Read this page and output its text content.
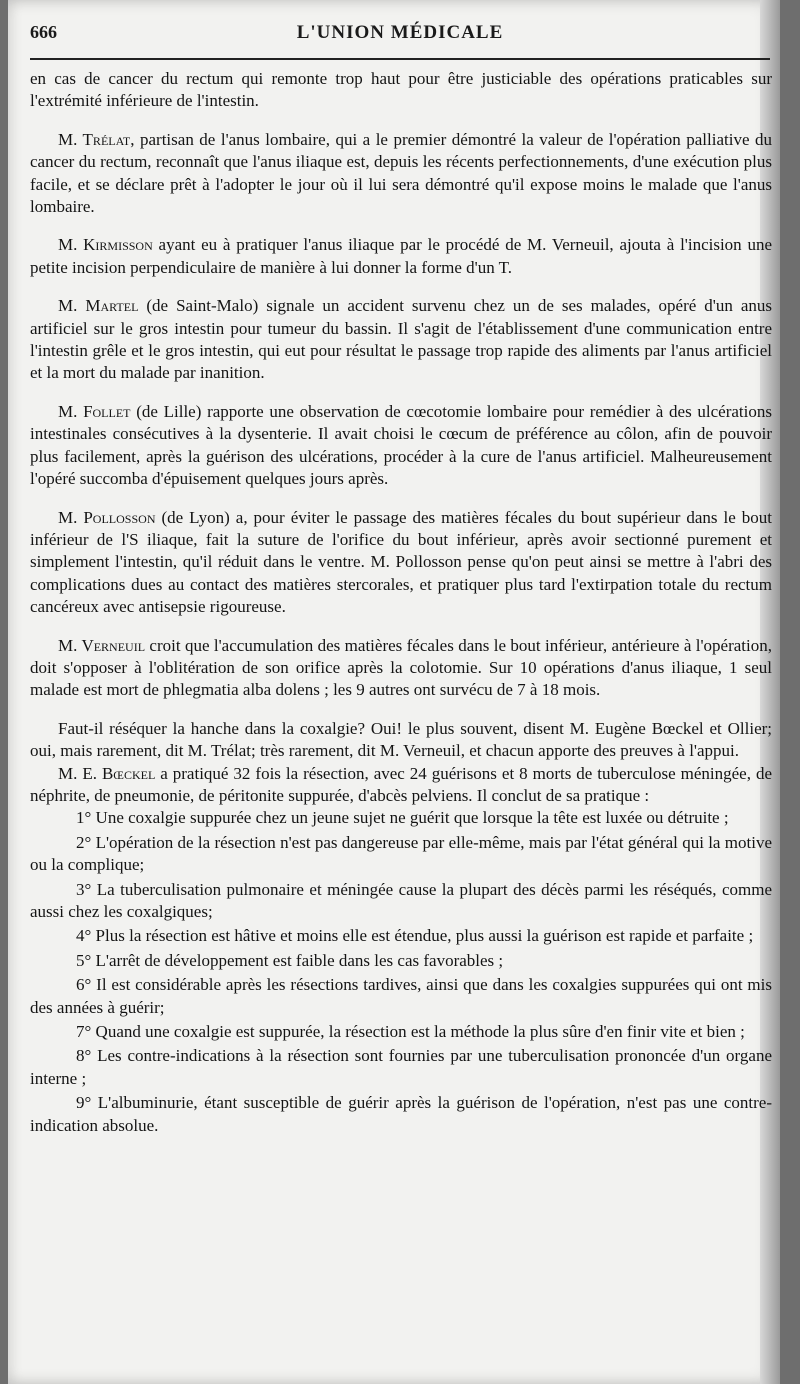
666	L'UNION MÉDICALE

en cas de cancer du rectum qui remonte trop haut pour être justiciable des opérations praticables sur l'extrémité inférieure de l'intestin.

M. Trélat, partisan de l'anus lombaire, qui a le premier démontré la valeur de l'opération palliative du cancer du rectum, reconnaît que l'anus iliaque est, depuis les récents perfectionnements, d'une exécution plus facile, et se déclare prêt à l'adopter le jour où il lui sera démontré qu'il expose moins le malade que l'anus lombaire.

M. Kirmisson ayant eu à pratiquer l'anus iliaque par le procédé de M. Verneuil, ajouta à l'incision une petite incision perpendiculaire de manière à lui donner la forme d'un T.

M. Martel (de Saint-Malo) signale un accident survenu chez un de ses malades, opéré d'un anus artificiel sur le gros intestin pour tumeur du bassin. Il s'agit de l'établissement d'une communication entre l'intestin grêle et le gros intestin, qui eut pour résultat le passage trop rapide des aliments par l'anus artificiel et la mort du malade par inanition.

M. Follet (de Lille) rapporte une observation de cœcotomie lombaire pour remédier à des ulcérations intestinales consécutives à la dysenterie. Il avait choisi le cœcum de préférence au côlon, afin de pouvoir plus facilement, après la guérison des ulcérations, procéder à la cure de l'anus artificiel. Malheureusement l'opéré succomba d'épuisement quelques jours après.

M. Pollosson (de Lyon) a, pour éviter le passage des matières fécales du bout supérieur dans le bout inférieur de l'S iliaque, fait la suture de l'orifice du bout inférieur, après avoir sectionné purement et simplement l'intestin, qu'il réduit dans le ventre. M. Pollosson pense qu'on peut ainsi se mettre à l'abri des complications dues au contact des matières stercorales, et pratiquer plus tard l'extirpation totale du rectum cancéreux avec antisepsie rigoureuse.

M. Verneuil croit que l'accumulation des matières fécales dans le bout inférieur, antérieure à l'opération, doit s'opposer à l'oblitération de son orifice après la colotomie. Sur 10 opérations d'anus iliaque, 1 seul malade est mort de phlegmatia alba dolens ; les 9 autres ont survécu de 7 à 18 mois.

Faut-il réséquer la hanche dans la coxalgie? Oui! le plus souvent, disent M. Eugène Bœckel et Ollier; oui, mais rarement, dit M. Trélat; très rarement, dit M. Verneuil, et chacun apporte des preuves à l'appui.

M. E. Bœckel a pratiqué 32 fois la résection, avec 24 guérisons et 8 morts de tuberculose méningée, de néphrite, de pneumonie, de péritonite suppurée, d'abcès pelviens. Il conclut de sa pratique :

1° Une coxalgie suppurée chez un jeune sujet ne guérit que lorsque la tête est luxée ou détruite ;

2° L'opération de la résection n'est pas dangereuse par elle-même, mais par l'état général qui la motive ou la complique;

3° La tuberculisation pulmonaire et méningée cause la plupart des décès parmi les réséqués, comme aussi chez les coxalgiques;

4° Plus la résection est hâtive et moins elle est étendue, plus aussi la guérison est rapide et parfaite ;

5° L'arrêt de développement est faible dans les cas favorables ;

6° Il est considérable après les résections tardives, ainsi que dans les coxalgies suppurées qui ont mis des années à guérir;

7° Quand une coxalgie est suppurée, la résection est la méthode la plus sûre d'en finir vite et bien ;

8° Les contre-indications à la résection sont fournies par une tuberculisation prononcée d'un organe interne ;

9° L'albuminurie, étant susceptible de guérir après la guérison de l'opération, n'est pas une contre-indication absolue.
